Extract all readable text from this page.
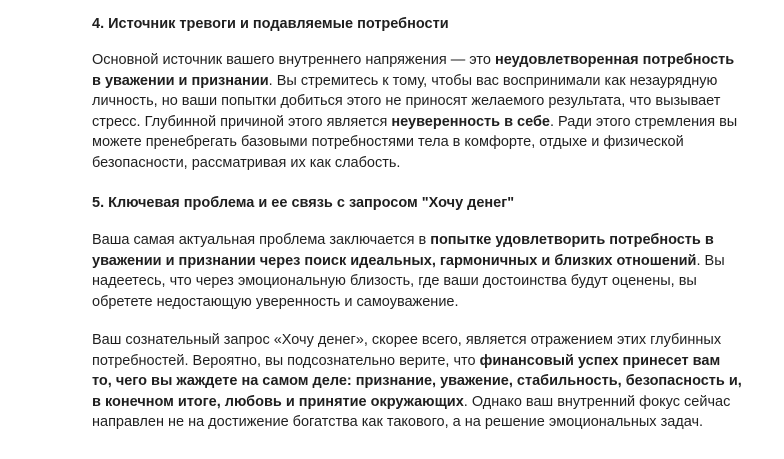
4. Источник тревоги и подавляемые потребности

Основной источник вашего внутреннего напряжения — это неудовлетворенная потребность в уважении и признании. Вы стремитесь к тому, чтобы вас воспринимали как незаурядную личность, но ваши попытки добиться этого не приносят желаемого результата, что вызывает стресс. Глубинной причиной этого является неуверенность в себе. Ради этого стремления вы можете пренебрегать базовыми потребностями тела в комфорте, отдыхе и физической безопасности, рассматривая их как слабость.

5. Ключевая проблема и ее связь с запросом "Хочу денег"

Ваша самая актуальная проблема заключается в попытке удовлетворить потребность в уважении и признании через поиск идеальных, гармоничных и близких отношений. Вы надеетесь, что через эмоциональную близость, где ваши достоинства будут оценены, вы обретете недостающую уверенность и самоуважение.

Ваш сознательный запрос «Хочу денег», скорее всего, является отражением этих глубинных потребностей. Вероятно, вы подсознательно верите, что финансовый успех принесет вам то, чего вы жаждете на самом деле: признание, уважение, стабильность, безопасность и, в конечном итоге, любовь и принятие окружающих. Однако ваш внутренний фокус сейчас направлен не на достижение богатства как такового, а на решение эмоциональных задач.
